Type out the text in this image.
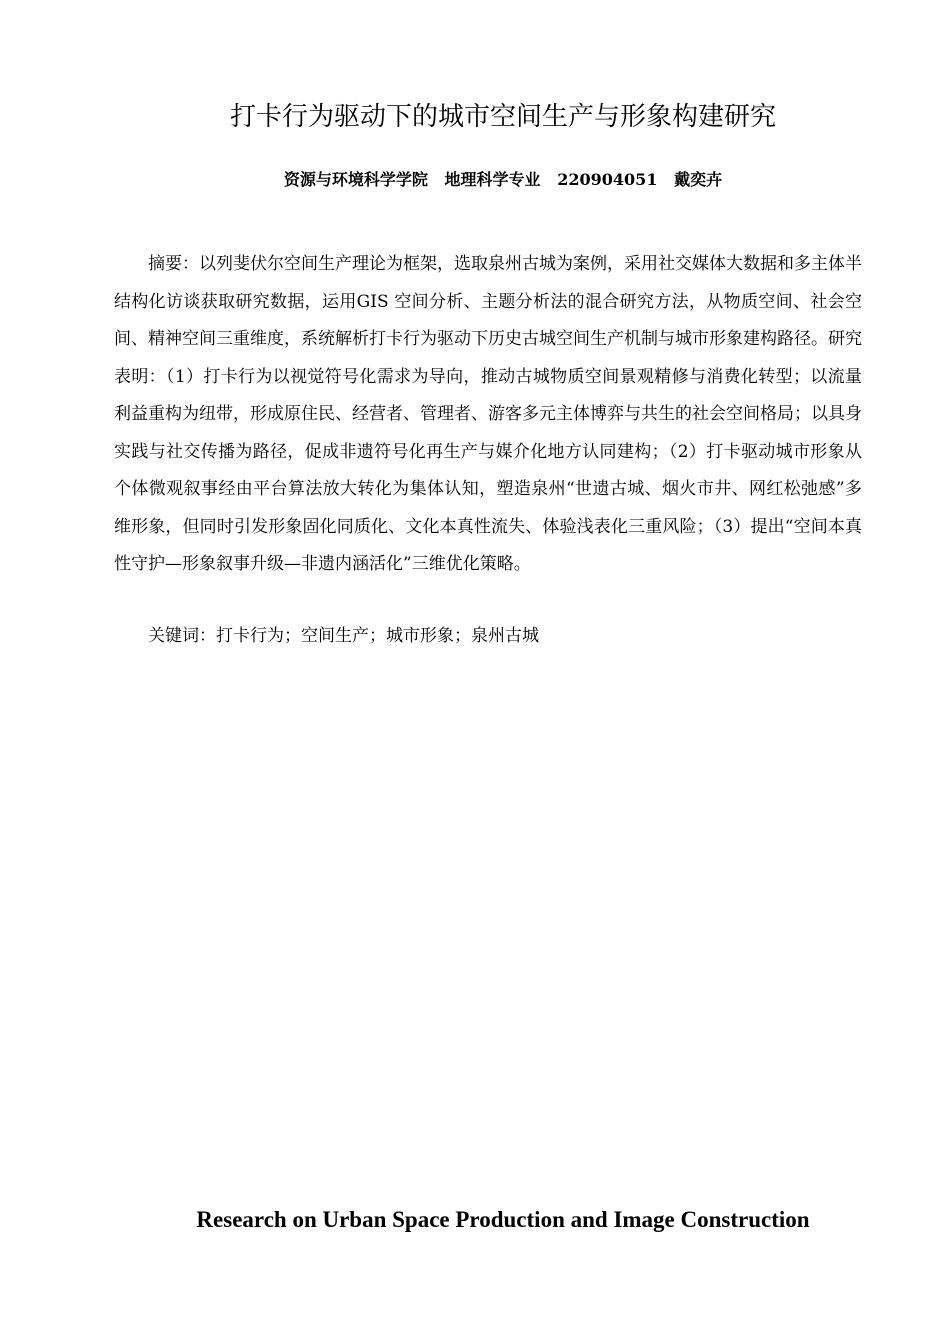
打卡行为驱动下的城市空间生产与形象构建研究
资源与环境科学学院   地理科学专业   220904051   戴奕卉

摘要：以列斐伏尔空间生产理论为框架，选取泉州古城为案例，采用社交媒体大数据和多主体半结构化访谈获取研究数据，运用GIS 空间分析、主题分析法的混合研究方法，从物质空间、社会空间、精神空间三重维度，系统解析打卡行为驱动下历史古城空间生产机制与城市形象建构路径。研究表明：（1）打卡行为以视觉符号化需求为导向，推动古城物质空间景观精修与消费化转型；以流量利益重构为纽带，形成原住民、经营者、管理者、游客多元主体博弈与共生的社会空间格局；以具身实践与社交传播为路径，促成非遗符号化再生产与媒介化地方认同建构；（2）打卡驱动城市形象从个体微观叙事经由平台算法放大转化为集体认知，塑造泉州“世遗古城、烟火市井、网红松弛感”多维形象，但同时引发形象固化同质化、文化本真性流失、体验浅表化三重风险；（3）提出“空间本真性守护—形象叙事升级—非遗内涵活化”三维优化策略。

关键词：打卡行为；空间生产；城市形象；泉州古城

Research on Urban Space Production and Image Construction
